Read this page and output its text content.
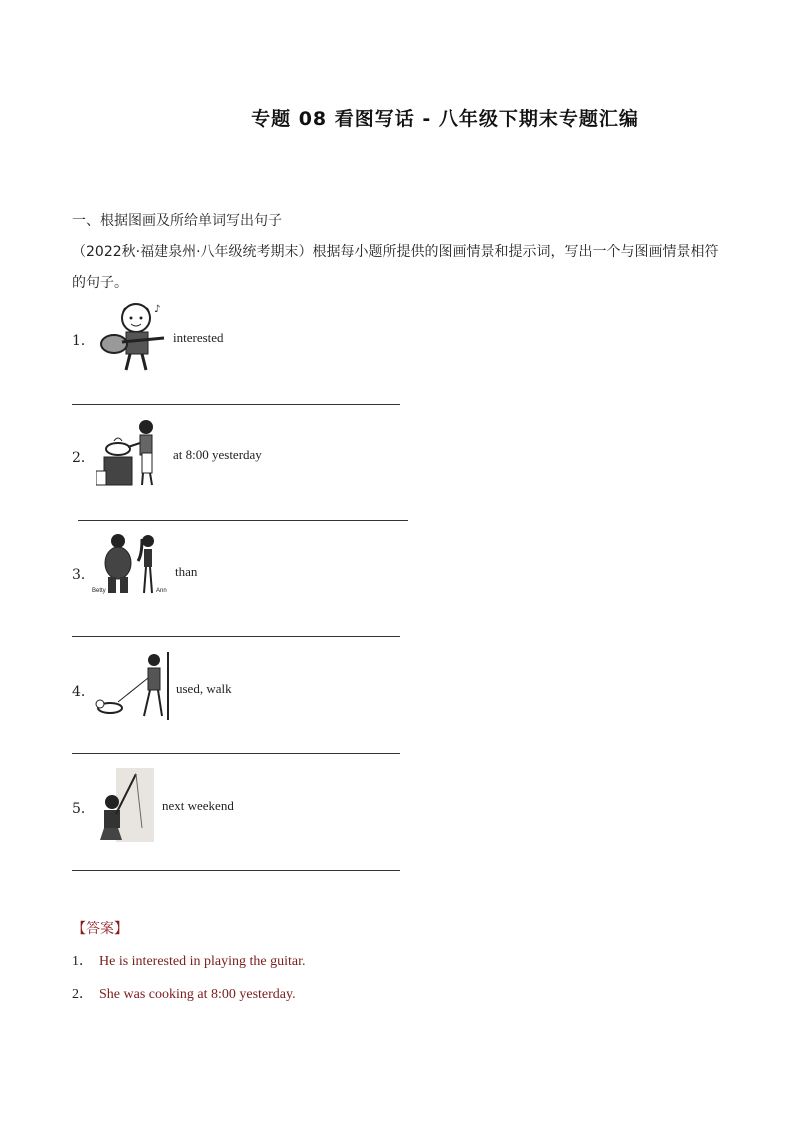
专题 08 看图写话 - 八年级下期末专题汇编
一、根据图画及所给单词写出句子
（2022秋·福建泉州·八年级统考期末）根据每小题所提供的图画情景和提示词，写出一个与图画情景相符的句子。
1．
♪
interested
2．	at 8:00 yesterday
3．
Betty	Ann
than
4．	used, walk
5．	next weekend
【答案】
1． He is interested in playing the guitar.
2． She was cooking at 8:00 yesterday.
